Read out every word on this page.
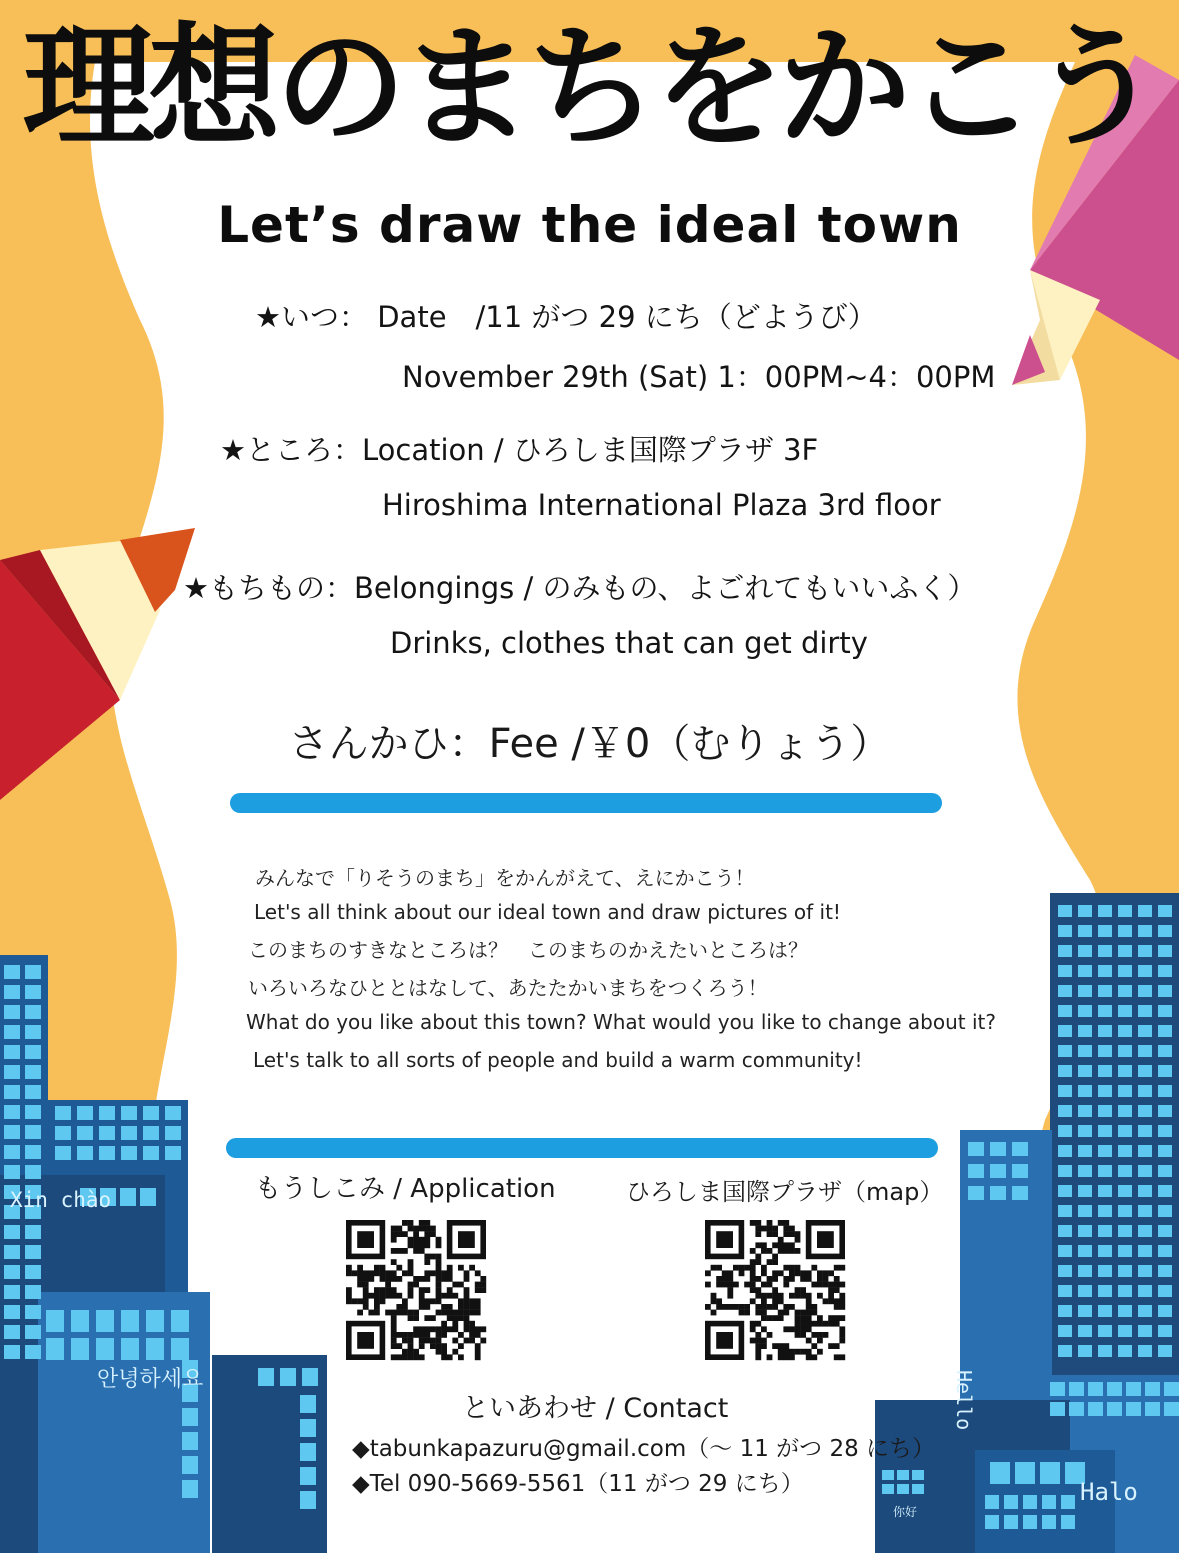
理想のまちをかこう
Let’s draw the ideal town
★いつ： Date　/11 がつ 29 にち（どようび）
November 29th (Sat) 1：00PM~4：00PM
★ところ：Location / ひろしま国際プラザ 3F
Hiroshima International Plaza 3rd floor
★もちもの：Belongings / のみもの、よごれてもいいふく）
Drinks, clothes that can get dirty
さんかひ：Fee /￥0（むりょう）
みんなで「りそうのまち」をかんがえて、えにかこう！
Let's all think about our ideal town and draw pictures of it!
このまちのすきなところは？　このまちのかえたいところは？
いろいろなひととはなして、あたたかいまちをつくろう！
What do you like about this town? What would you like to change about it?
Let's talk to all sorts of people and build a warm community!
もうしこみ / Application	ひろしま国際プラザ（map）
といあわせ / Contact
◆tabunkapazuru@gmail.com（～ 11 がつ 28 にち）
◆Tel 090-5669-5561（11 がつ 29 にち）
Xin chào
안녕하세요	Hello
你好
Halo
